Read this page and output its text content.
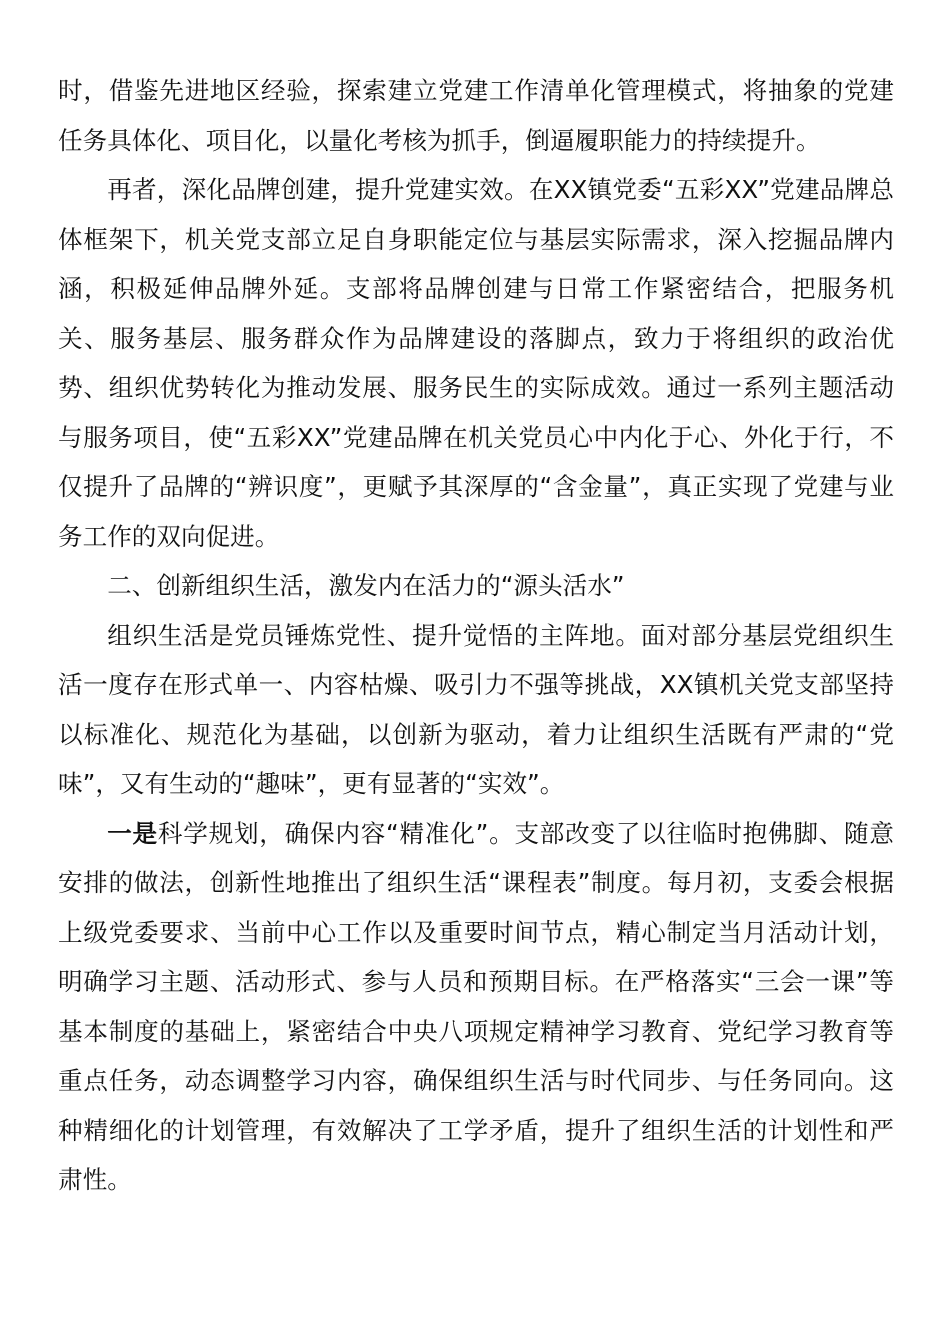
时，借鉴先进地区经验，探索建立党建工作清单化管理模式，将抽象的党建任务具体化、项目化，以量化考核为抓手，倒逼履职能力的持续提升。

再者，深化品牌创建，提升党建实效。在XX镇党委“五彩XX”党建品牌总体框架下，机关党支部立足自身职能定位与基层实际需求，深入挖掘品牌内涵，积极延伸品牌外延。支部将品牌创建与日常工作紧密结合，把服务机关、服务基层、服务群众作为品牌建设的落脚点，致力于将组织的政治优势、组织优势转化为推动发展、服务民生的实际成效。通过一系列主题活动与服务项目，使“五彩XX”党建品牌在机关党员心中内化于心、外化于行，不仅提升了品牌的“辨识度”，更赋予其深厚的“含金量”，真正实现了党建与业务工作的双向促进。

二、创新组织生活，激发内在活力的“源头活水”

组织生活是党员锤炼党性、提升觉悟的主阵地。面对部分基层党组织生活一度存在形式单一、内容枯燥、吸引力不强等挑战，XX镇机关党支部坚持以标准化、规范化为基础，以创新为驱动，着力让组织生活既有严肃的“党味”，又有生动的“趣味”，更有显著的“实效”。

一是科学规划，确保内容“精准化”。支部改变了以往临时抱佛脚、随意安排的做法，创新性地推出了组织生活“课程表”制度。每月初，支委会根据上级党委要求、当前中心工作以及重要时间节点，精心制定当月活动计划，明确学习主题、活动形式、参与人员和预期目标。在严格落实“三会一课”等基本制度的基础上，紧密结合中央八项规定精神学习教育、党纪学习教育等重点任务，动态调整学习内容，确保组织生活与时代同步、与任务同向。这种精细化的计划管理，有效解决了工学矛盾，提升了组织生活的计划性和严肃性。
